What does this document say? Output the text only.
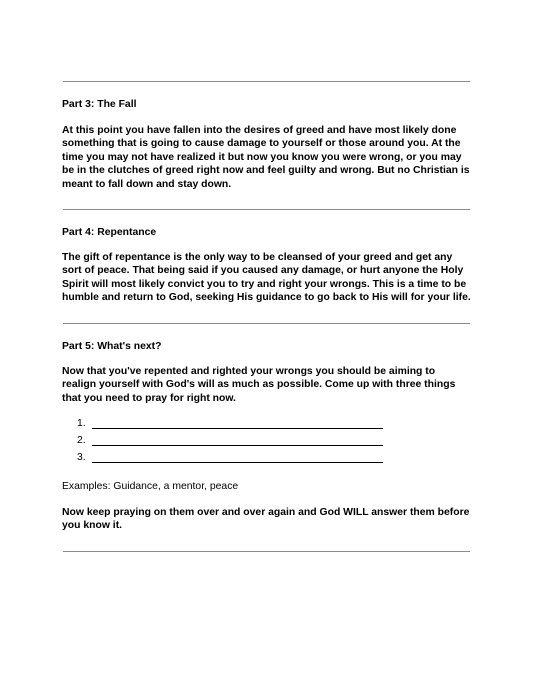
Part 3: The Fall
At this point you have fallen into the desires of greed and have most likely done something that is going to cause damage to yourself or those around you. At the time you may not have realized it but now you know you were wrong, or you may be in the clutches of greed right now and feel guilty and wrong. But no Christian is meant to fall down and stay down.
Part 4: Repentance
The gift of repentance is the only way to be cleansed of your greed and get any sort of peace. That being said if you caused any damage, or hurt anyone the Holy Spirit will most likely convict you to try and right your wrongs. This is a time to be humble and return to God, seeking His guidance to go back to His will for your life.
Part 5: What's next?
Now that you've repented and righted your wrongs you should be aiming to realign yourself with God's will as much as possible. Come up with three things that you need to pray for right now.
1.
2.
3.
Examples: Guidance, a mentor, peace
Now keep praying on them over and over again and God WILL answer them before you know it.
